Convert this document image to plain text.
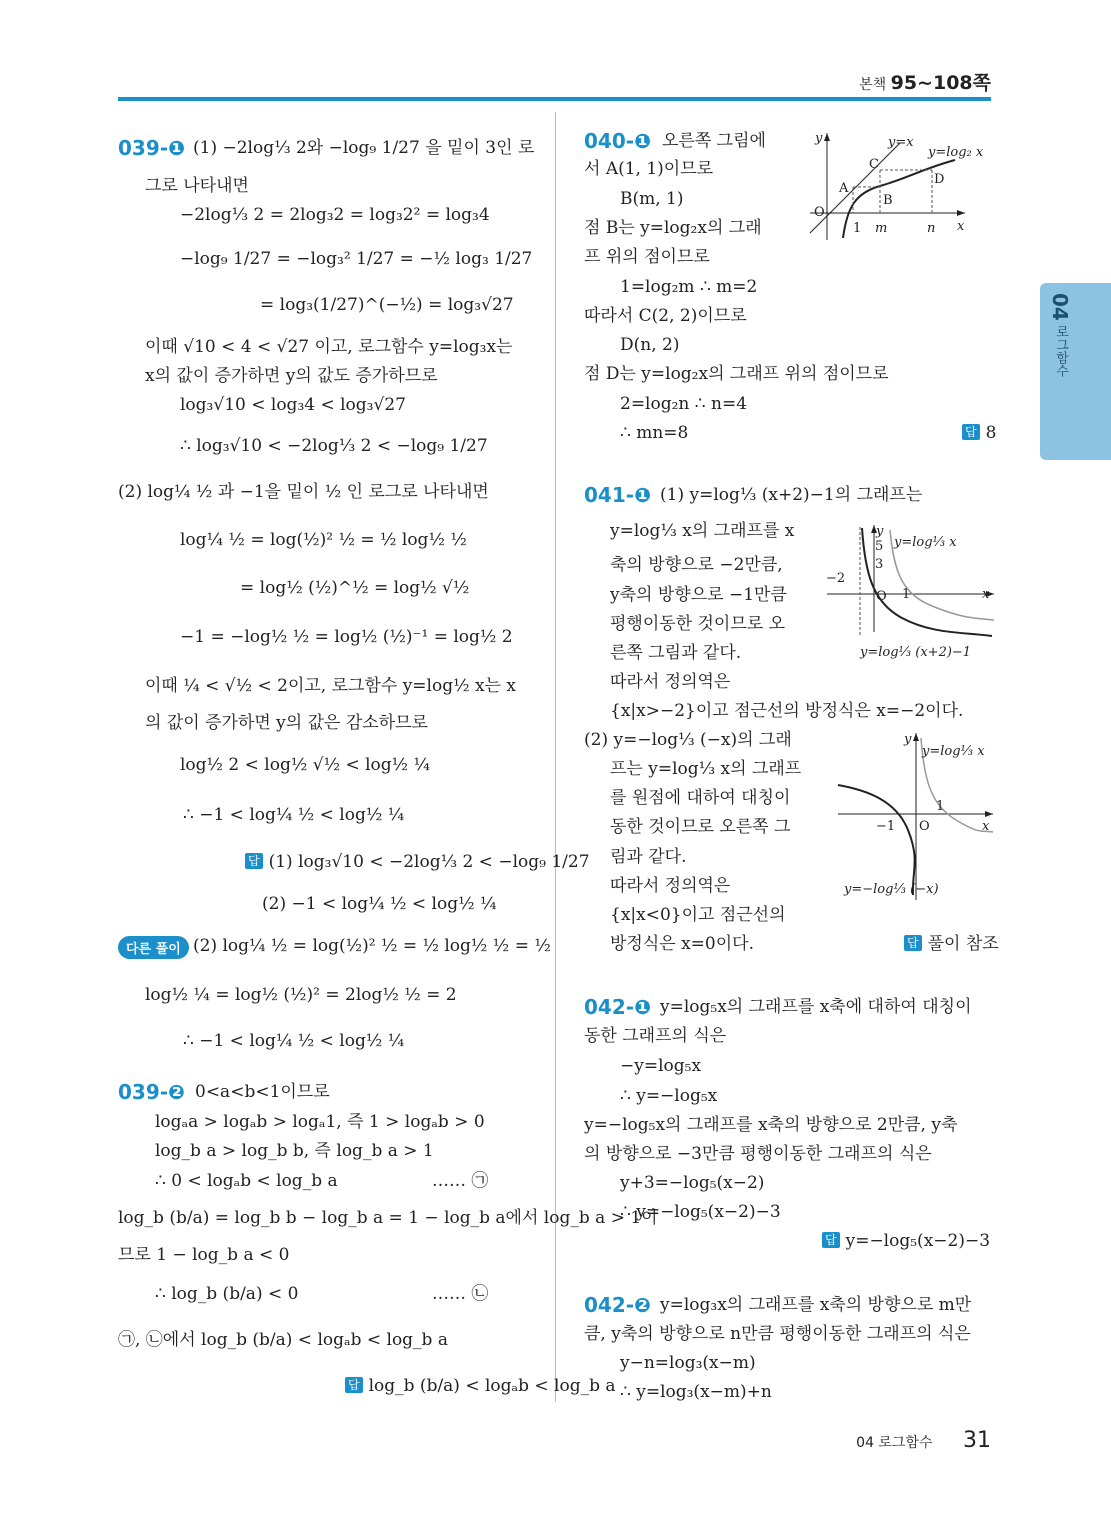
본책 95~108쪽
04 로그함수
04 로그함수 31
다른 풀이
y
x
O
A
B
C
D
1 m	n
y=x
y=log₂ x
y
x
O
5
3
−2
1
y=log⅓ x
y=log⅓ (x+2)−1
y
x
O
−1
1
y=log⅓ x
y=−log⅓ (−x)
039-❶ (1) −2log⅓ 2와 −log₉ 1/27 을 밑이 3인 로
그로 나타내면
−2log⅓ 2 = 2log₃2 = log₃2² = log₃4
−log₉ 1/27 = −log₃² 1/27 = −½ log₃ 1/27
= log₃(1/27)^(−½) = log₃√27
이때 √10 < 4 < √27 이고, 로그함수 y=log₃x는
x의 값이 증가하면 y의 값도 증가하므로
log₃√10 < log₃4 < log₃√27
∴ log₃√10 < −2log⅓ 2 < −log₉ 1/27
(2) log¼ ½ 과 −1을 밑이 ½ 인 로그로 나타내면
log¼ ½ = log(½)² ½ = ½ log½ ½
= log½ (½)^½ = log½ √½
−1 = −log½ ½ = log½ (½)⁻¹ = log½ 2
이때 ¼ < √½ < 2이고, 로그함수 y=log½ x는 x
의 값이 증가하면 y의 값은 감소하므로
log½ 2 < log½ √½ < log½ ¼
∴ −1 < log¼ ½ < log½ ¼
답 (1) log₃√10 < −2log⅓ 2 < −log₉ 1/27
(2) −1 < log¼ ½ < log½ ¼
(2) log¼ ½ = log(½)² ½ = ½ log½ ½ = ½
log½ ¼ = log½ (½)² = 2log½ ½ = 2
∴ −1 < log¼ ½ < log½ ¼
039-❷ 0<a<b<1이므로
logₐa > logₐb > logₐ1, 즉 1 > logₐb > 0
log_b a > log_b b, 즉 log_b a > 1
∴ 0 < logₐb < log_b a	…… ㉠
log_b (b/a) = log_b b − log_b a = 1 − log_b a에서 log_b a > 1이
므로 1 − log_b a < 0
∴ log_b (b/a) < 0	…… ㉡
㉠, ㉡에서 log_b (b/a) < logₐb < log_b a
답 log_b (b/a) < logₐb < log_b a
040-❶ 오른쪽 그림에
서 A(1, 1)이므로
B(m, 1)
점 B는 y=log₂x의 그래
프 위의 점이므로
1=log₂m ∴ m=2
따라서 C(2, 2)이므로
D(n, 2)
점 D는 y=log₂x의 그래프 위의 점이므로
2=log₂n ∴ n=4
∴ mn=8	답 8
041-❶ (1) y=log⅓ (x+2)−1의 그래프는
y=log⅓ x의 그래프를 x
축의 방향으로 −2만큼,
y축의 방향으로 −1만큼
평행이동한 것이므로 오
른쪽 그림과 같다.
따라서 정의역은
{x|x>−2}이고 점근선의 방정식은 x=−2이다.
(2) y=−log⅓ (−x)의 그래
프는 y=log⅓ x의 그래프
를 원점에 대하여 대칭이
동한 것이므로 오른쪽 그
림과 같다.
따라서 정의역은
{x|x<0}이고 점근선의
방정식은 x=0이다.	답 풀이 참조
042-❶ y=log₅x의 그래프를 x축에 대하여 대칭이
동한 그래프의 식은
−y=log₅x
∴ y=−log₅x
y=−log₅x의 그래프를 x축의 방향으로 2만큼, y축
의 방향으로 −3만큼 평행이동한 그래프의 식은
y+3=−log₅(x−2)
∴ y=−log₅(x−2)−3
답 y=−log₅(x−2)−3
042-❷ y=log₃x의 그래프를 x축의 방향으로 m만
큼, y축의 방향으로 n만큼 평행이동한 그래프의 식은
y−n=log₃(x−m)
∴ y=log₃(x−m)+n
